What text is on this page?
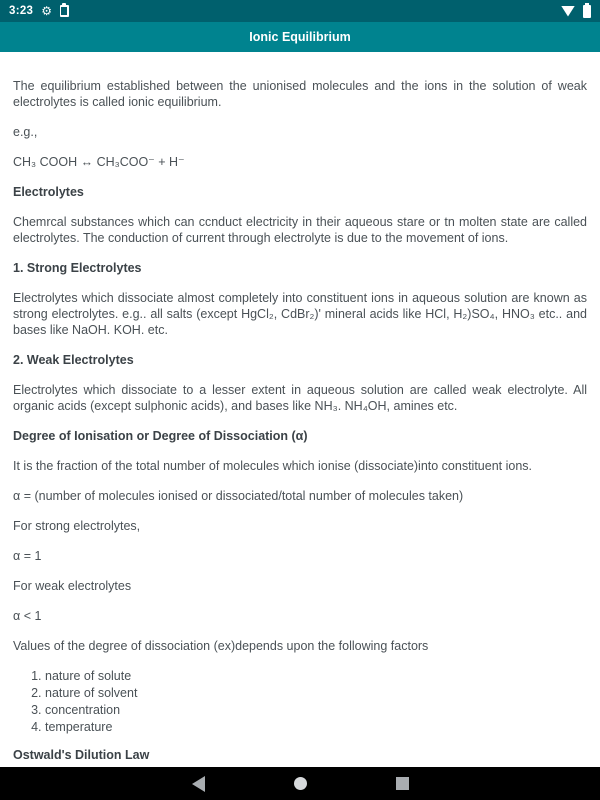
3:23 ⚙
Ionic Equilibrium

The equilibrium established between the unionised molecules and the ions in the solution of weak electrolytes is called ionic equilibrium.

e.g.,

CH₃ COOH ↔ CH₃COO⁻ + H⁻

Electrolytes

Chemrcal substances which can ccnduct electricity in their aqueous stare or tn molten state are called electrolytes. The conduction of current through electrolyte is due to the movement of ions.

1. Strong Electrolytes

Electrolytes which dissociate almost completely into constituent ions in aqueous solution are known as strong electrolytes. e.g.. all salts (except HgCl₂, CdBr₂)' mineral acids like HCl, H₂)SO₄, HNO₃ etc.. and bases like NaOH. KOH. etc.

2. Weak Electrolytes

Electrolytes which dissociate to a lesser extent in aqueous solution are called weak electrolyte. All organic acids (except sulphonic acids), and bases like NH₃. NH₄OH, amines etc.

Degree of Ionisation or Degree of Dissociation (α)

It is the fraction of the total number of molecules which ionise (dissociate)into constituent ions.

α = (number of molecules ionised or dissociated/total number of molecules taken)

For strong electrolytes,

α = 1

For weak electrolytes

α < 1

Values of the degree of dissociation (ex)depends upon the following factors

1. nature of solute
2. nature of solvent
3. concentration
4. temperature

Ostwald's Dilution Law
